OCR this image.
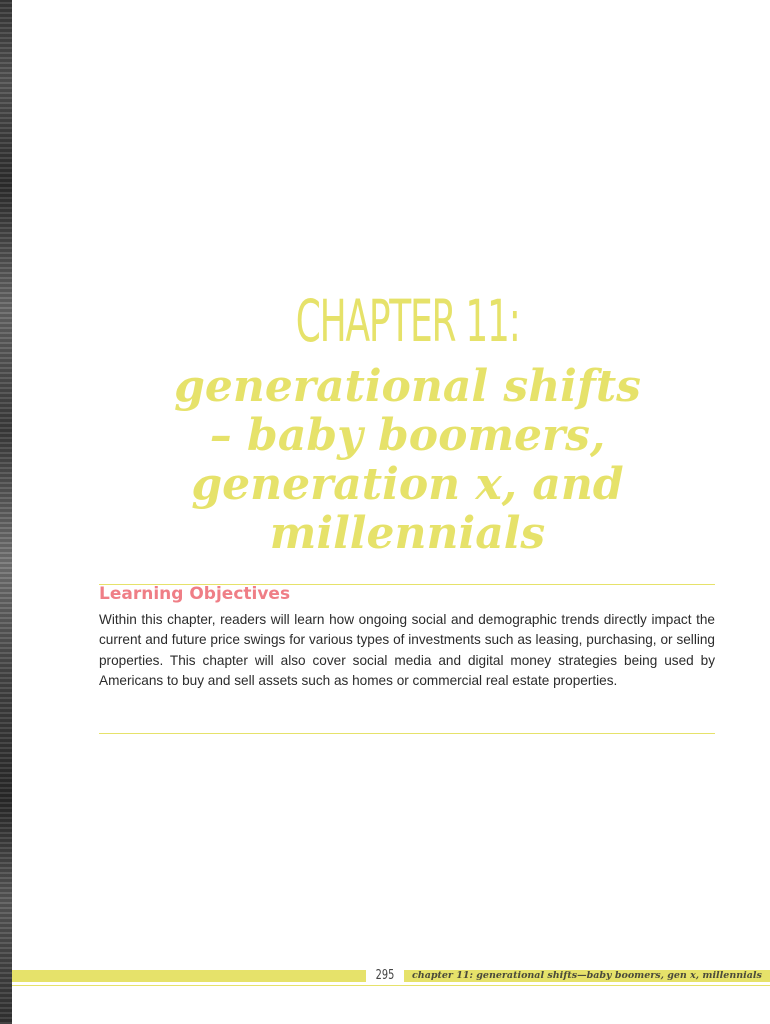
CHAPTER 11:
generational shifts
– baby boomers,
generation x, and
millennials
Learning Objectives
Within this chapter, readers will learn how ongoing social and demographic trends directly impact the current and future price swings for various types of investments such as leasing, purchasing, or selling properties. This chapter will also cover social media and digital money strategies being used by Americans to buy and sell assets such as homes or commercial real estate properties.
295	chapter 11: generational shifts—baby boomers, gen x, millennials
